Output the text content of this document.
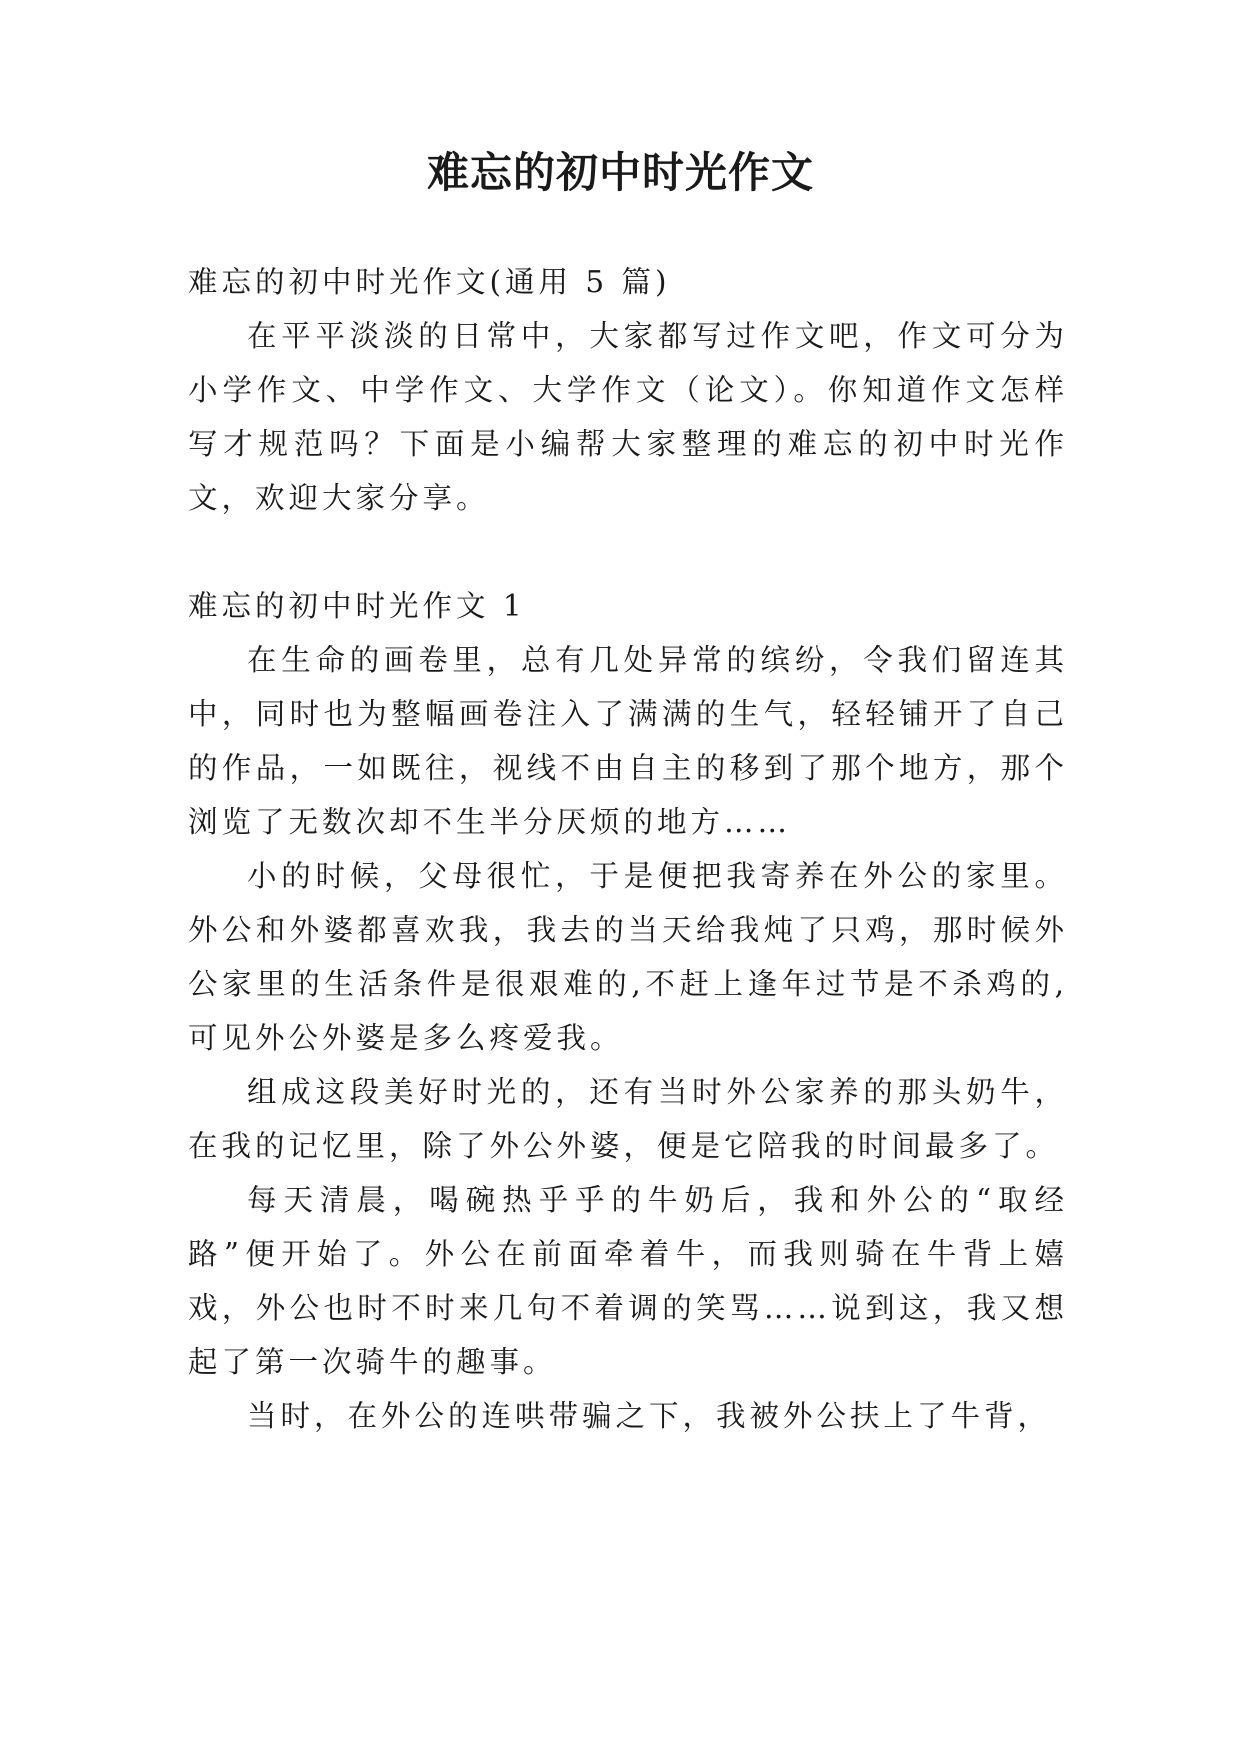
难忘的初中时光作文

难忘的初中时光作文(通用 5 篇)

在平平淡淡的日常中，大家都写过作文吧，作文可分为小学作文、中学作文、大学作文（论文）。你知道作文怎样写才规范吗？下面是小编帮大家整理的难忘的初中时光作文，欢迎大家分享。

难忘的初中时光作文 1

在生命的画卷里，总有几处异常的缤纷，令我们留连其中，同时也为整幅画卷注入了满满的生气，轻轻铺开了自己的作品，一如既往，视线不由自主的移到了那个地方，那个浏览了无数次却不生半分厌烦的地方……

小的时候，父母很忙，于是便把我寄养在外公的家里。外公和外婆都喜欢我，我去的当天给我炖了只鸡，那时候外公家里的生活条件是很艰难的,不赶上逢年过节是不杀鸡的,可见外公外婆是多么疼爱我。

组成这段美好时光的，还有当时外公家养的那头奶牛，在我的记忆里，除了外公外婆，便是它陪我的时间最多了。

每天清晨，喝碗热乎乎的牛奶后，我和外公的“取经路”便开始了。外公在前面牵着牛，而我则骑在牛背上嬉戏，外公也时不时来几句不着调的笑骂……说到这，我又想起了第一次骑牛的趣事。

当时，在外公的连哄带骗之下，我被外公扶上了牛背，
